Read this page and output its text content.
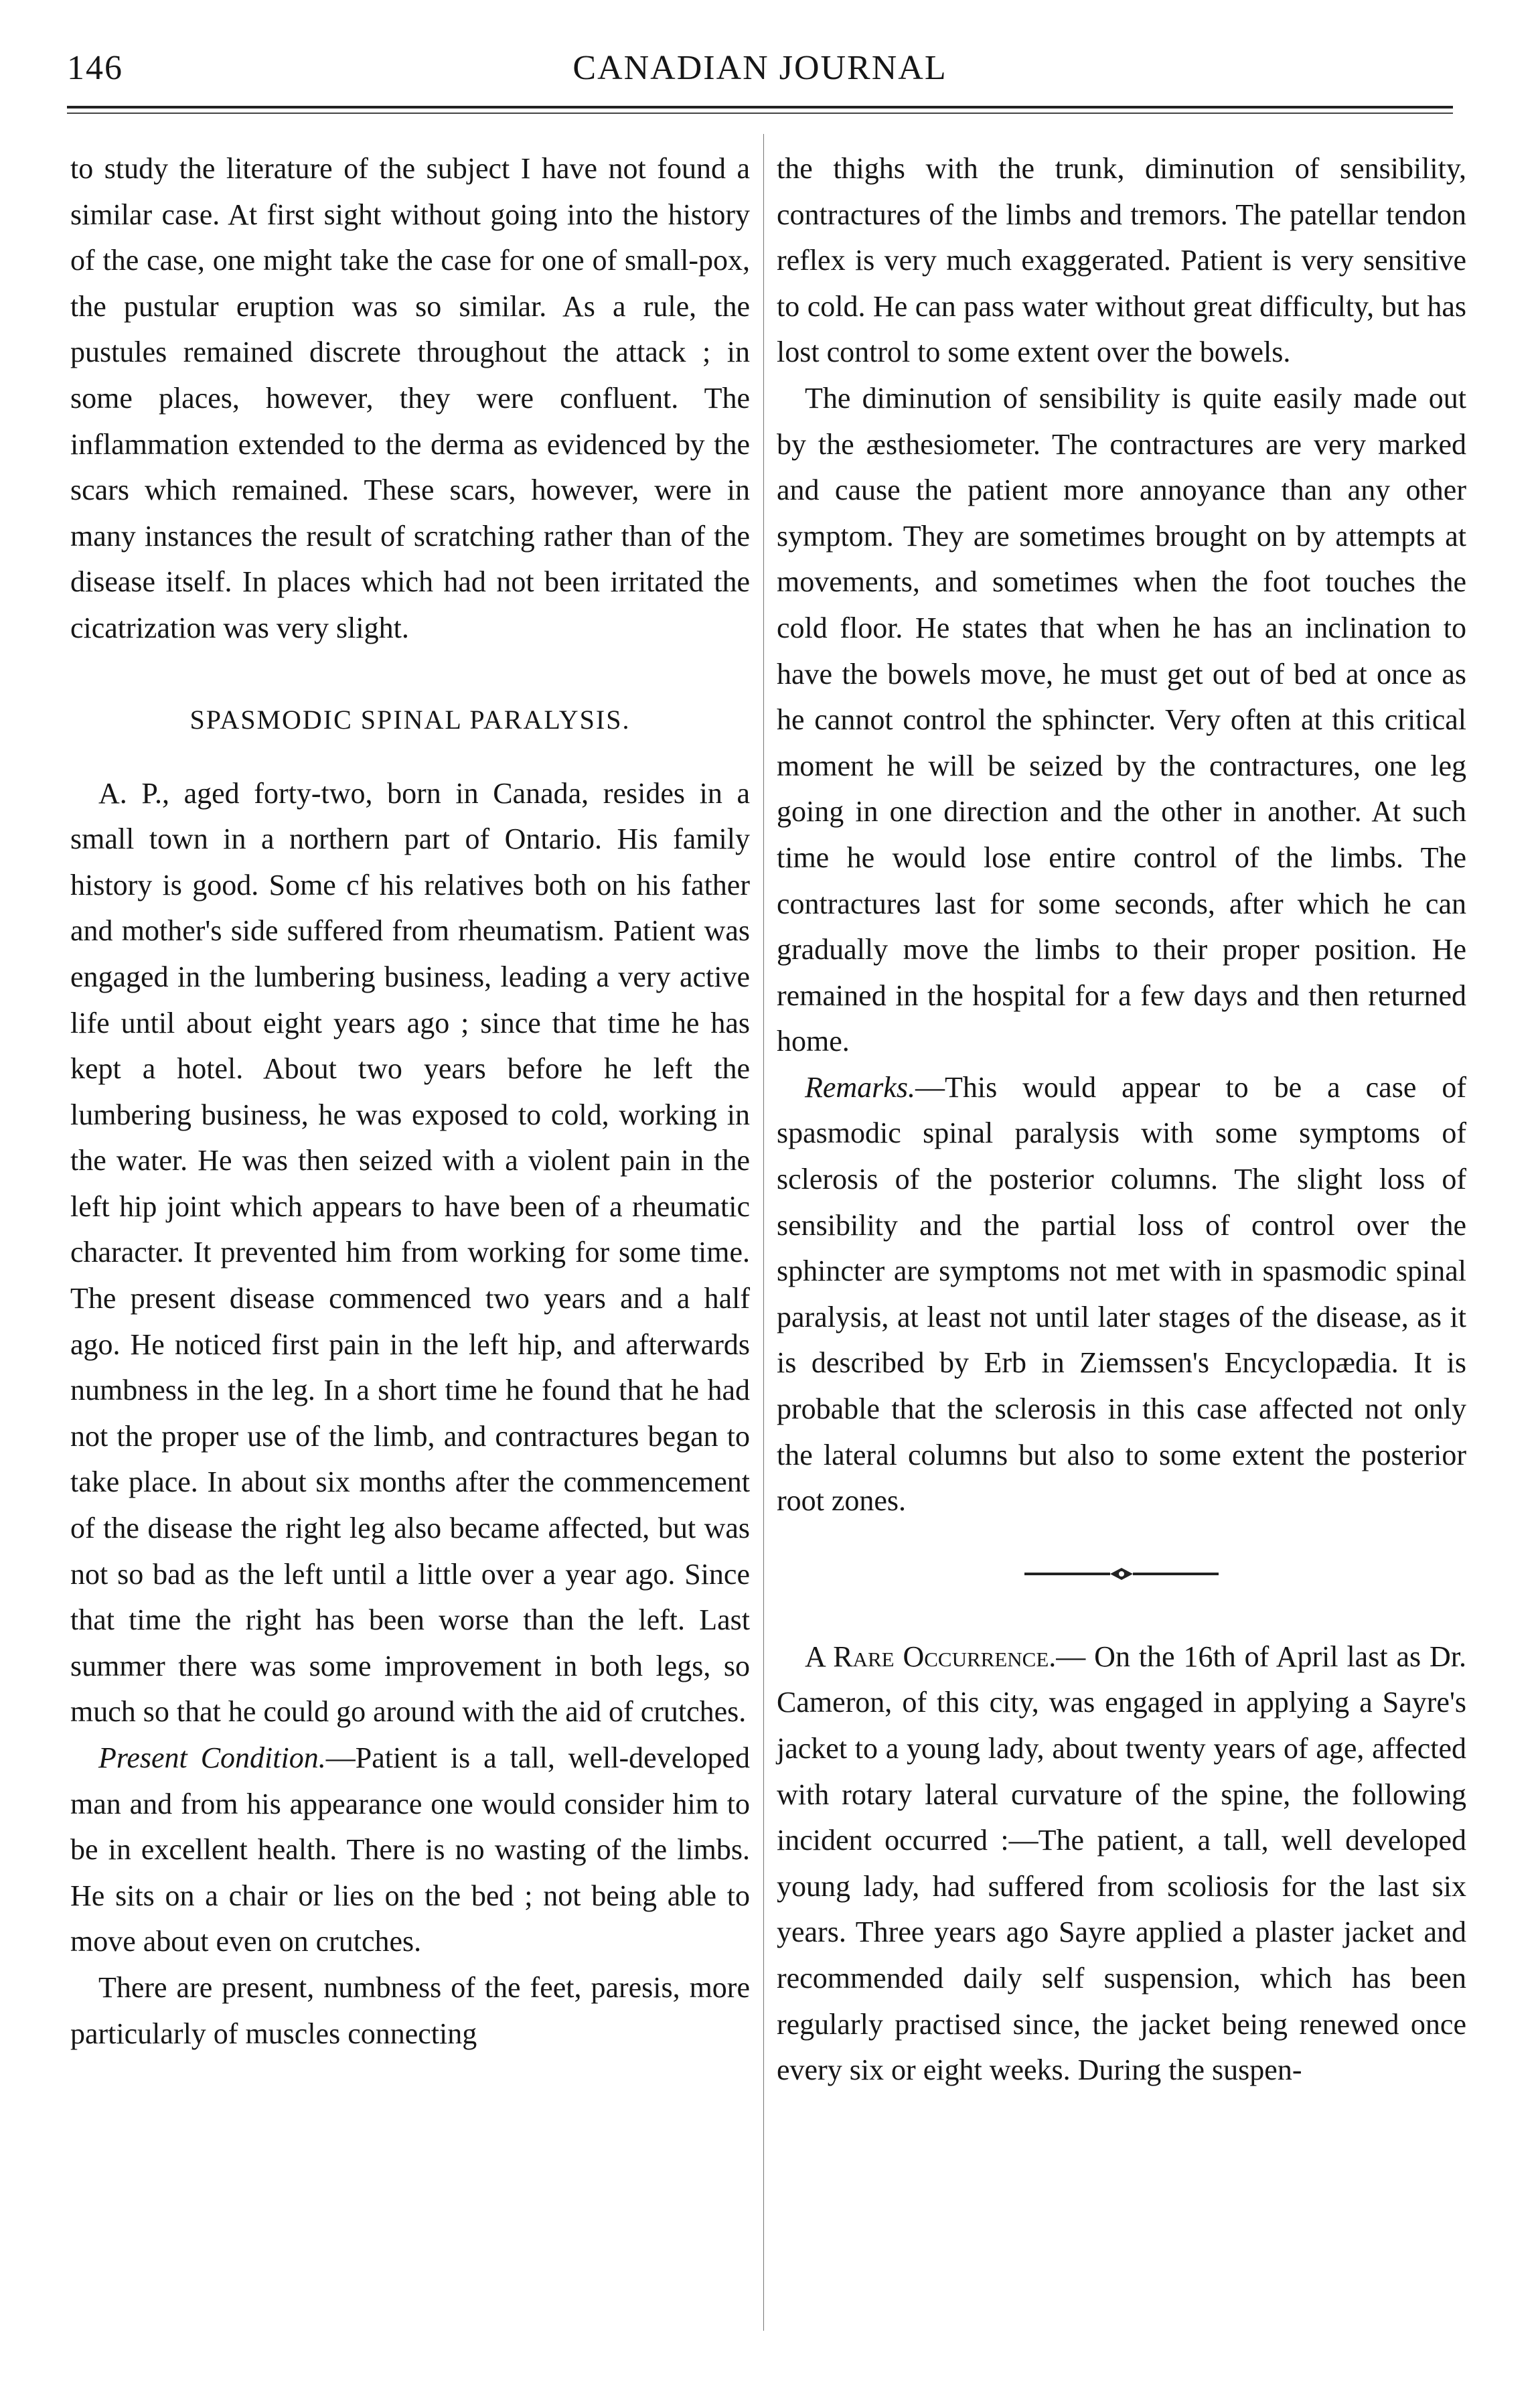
146	CANADIAN JOURNAL

to study the literature of the subject I have not found a similar case. At first sight without going into the history of the case, one might take the case for one of small-pox, the pustular eruption was so similar. As a rule, the pustules remained discrete throughout the attack ; in some places, however, they were confluent. The inflammation extended to the derma as evidenced by the scars which remained. These scars, however, were in many instances the result of scratching rather than of the disease itself. In places which had not been irritated the cicatrization was very slight.

SPASMODIC SPINAL PARALYSIS.

A. P., aged forty-two, born in Canada, resides in a small town in a northern part of Ontario. His family history is good. Some cf his relatives both on his father and mother's side suffered from rheumatism. Patient was engaged in the lumbering business, leading a very active life until about eight years ago ; since that time he has kept a hotel. About two years before he left the lumbering business, he was exposed to cold, working in the water. He was then seized with a violent pain in the left hip joint which appears to have been of a rheumatic character. It prevented him from working for some time. The present disease commenced two years and a half ago. He noticed first pain in the left hip, and afterwards numbness in the leg. In a short time he found that he had not the proper use of the limb, and contractures began to take place. In about six months after the commencement of the disease the right leg also became affected, but was not so bad as the left until a little over a year ago. Since that time the right has been worse than the left. Last summer there was some improvement in both legs, so much so that he could go around with the aid of crutches.

Present Condition.—Patient is a tall, well-developed man and from his appearance one would consider him to be in excellent health. There is no wasting of the limbs. He sits on a chair or lies on the bed ; not being able to move about even on crutches.

There are present, numbness of the feet, paresis, more particularly of muscles connecting

the thighs with the trunk, diminution of sensibility, contractures of the limbs and tremors. The patellar tendon reflex is very much exaggerated. Patient is very sensitive to cold. He can pass water without great difficulty, but has lost control to some extent over the bowels.

The diminution of sensibility is quite easily made out by the æsthesiometer. The contractures are very marked and cause the patient more annoyance than any other symptom. They are sometimes brought on by attempts at movements, and sometimes when the foot touches the cold floor. He states that when he has an inclination to have the bowels move, he must get out of bed at once as he cannot control the sphincter. Very often at this critical moment he will be seized by the contractures, one leg going in one direction and the other in another. At such time he would lose entire control of the limbs. The contractures last for some seconds, after which he can gradually move the limbs to their proper position. He remained in the hospital for a few days and then returned home.

Remarks.—This would appear to be a case of spasmodic spinal paralysis with some symptoms of sclerosis of the posterior columns. The slight loss of sensibility and the partial loss of control over the sphincter are symptoms not met with in spasmodic spinal paralysis, at least not until later stages of the disease, as it is described by Erb in Ziemssen's Encyclopædia. It is probable that the sclerosis in this case affected not only the lateral columns but also to some extent the posterior root zones.

A Rare Occurrence.— On the 16th of April last as Dr. Cameron, of this city, was engaged in applying a Sayre's jacket to a young lady, about twenty years of age, affected with rotary lateral curvature of the spine, the following incident occurred :—The patient, a tall, well developed young lady, had suffered from scoliosis for the last six years. Three years ago Sayre applied a plaster jacket and recommended daily self suspension, which has been regularly practised since, the jacket being renewed once every six or eight weeks. During the suspen-
